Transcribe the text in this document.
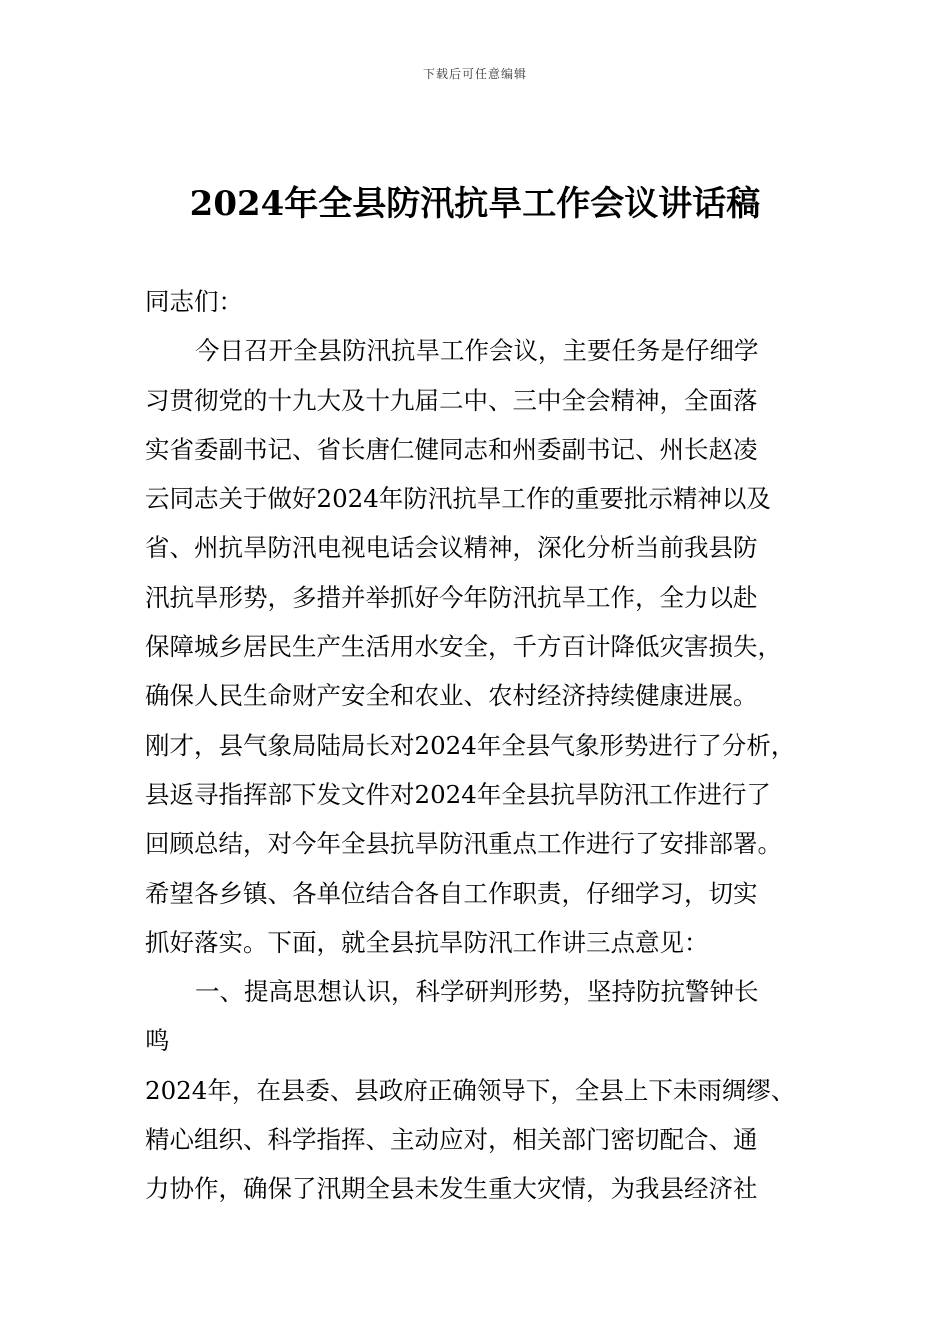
下载后可任意编辑
2024年全县防汛抗旱工作会议讲话稿
同志们：
今日召开全县防汛抗旱工作会议，主要任务是仔细学
习贯彻党的十九大及十九届二中、三中全会精神，全面落
实省委副书记、省长唐仁健同志和州委副书记、州长赵凌
云同志关于做好2024年防汛抗旱工作的重要批示精神以及
省、州抗旱防汛电视电话会议精神，深化分析当前我县防
汛抗旱形势，多措并举抓好今年防汛抗旱工作，全力以赴
保障城乡居民生产生活用水安全，千方百计降低灾害损失，
确保人民生命财产安全和农业、农村经济持续健康进展。
刚才，县气象局陆局长对2024年全县气象形势进行了分析，
县返寻指挥部下发文件对2024年全县抗旱防汛工作进行了
回顾总结，对今年全县抗旱防汛重点工作进行了安排部署。
希望各乡镇、各单位结合各自工作职责，仔细学习，切实
抓好落实。下面，就全县抗旱防汛工作讲三点意见：
一、提高思想认识，科学研判形势，坚持防抗警钟长
鸣
2024年，在县委、县政府正确领导下，全县上下未雨绸缪、
精心组织、科学指挥、主动应对，相关部门密切配合、通
力协作，确保了汛期全县未发生重大灾情，为我县经济社
